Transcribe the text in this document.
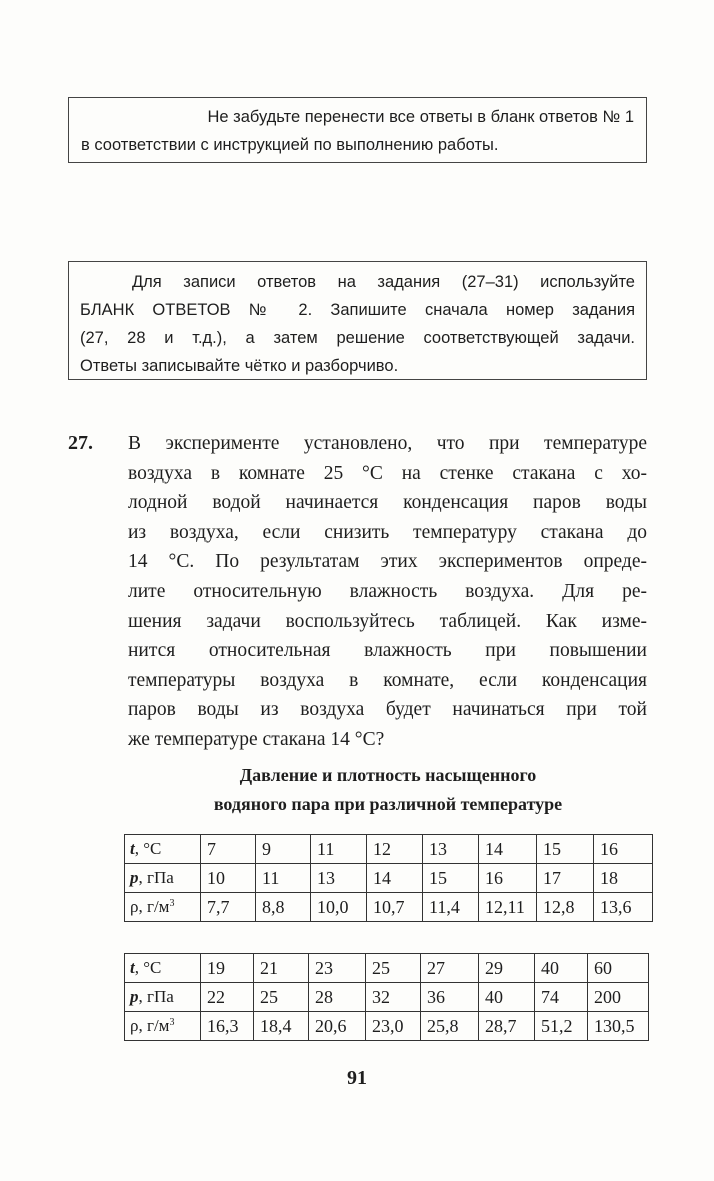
Не забудьте перенести все ответы в бланк ответов № 1
в соответствии с инструкцией по выполнению работы.
Для записи ответов на задания (27–31) используйте
БЛАНК ОТВЕТОВ № 2. Запишите сначала номер задания
(27, 28 и т.д.), а затем решение соответствующей задачи.
Ответы записывайте чётко и разборчиво.
27. В эксперименте установлено, что при температуре
воздуха в комнате 25 °С на стенке стакана с хо-
лодной водой начинается конденсация паров воды
из воздуха, если снизить температуру стакана до
14 °С. По результатам этих экспериментов опреде-
лите относительную влажность воздуха. Для ре-
шения задачи воспользуйтесь таблицей. Как изме-
нится относительная влажность при повышении
температуры воздуха в комнате, если конденсация
паров воды из воздуха будет начинаться при той
же температуре стакана 14 °С?
Давление и плотность насыщенного
водяного пара при различной температуре
t, °С	7	9	11	12	13	14	15	16
p, гПа	10	11	13	14	15	16	17	18
ρ, $г/м^3$	7,7	8,8	10,0	10,7	11,4	12,11	12,8	13,6
t, °С	19	21	23	25	27	29	40	60
p, гПа	22	25	28	32	36	40	74	200
ρ, $г/м^3$	16,3	18,4	20,6	23,0	25,8	28,7	51,2	130,5
91
